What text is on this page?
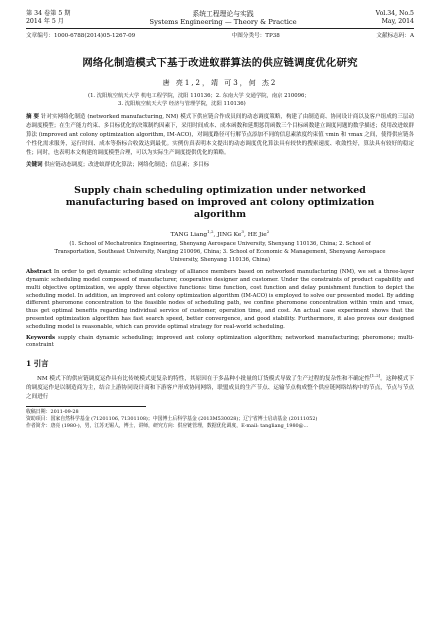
第 34 卷第 5 期
2014 年 5 月
系统工程理论与实践
Systems Engineering — Theory & Practice
Vol.34, No.5
May, 2014
文章编号：1000-6788(2014)05-1267-09	中图分类号：TP38	文献标志码：A
网络化制造模式下基于改进蚁群算法的供应链调度优化研究
唐 亮1,2，靖 可3，何 杰2
(1. 沈阳航空航天大学 机电工程学院，沈阳 110136；2. 东南大学 交通学院，南京 210096；
3. 沈阳航空航天大学 经济与管理学院，沈阳 110136)
摘 要 针对实网络化制造 (networked manufacturing, NM) 模式下供应链合作成员间的动态调度策略，构建了由制造商、协同设计商以及客户组成的三层动态调度模型；在生产能力约束、多目标优化的决策制约因素下，采用时间成本、成本函数和延期惩罚函数三个目标函数建立调度问题的数学描述；使用改进蚁群算法 (improved ant colony optimization algorithm, IM-ACO)，对调度路径可行解节点添加不同的信息素浓度约束值 τmin 和 τmax 之间，使得供应链各个性化需求服务，运行时间、成本等指标合收敛达到最优。实例仿真表明本文提出的动态调度优化算法具有较快的搜索速度、收敛性好，算法具有较好的稳定性；同时，也表明本文构建的调度模型合理，可以为实际生产调度提供优化的策略。
关键词 供应链动态调度；改进蚁群优化算法；网络化制造；信息素；多目标
Supply chain scheduling optimization under networked manufacturing based on improved ant colony optimization algorithm
TANG Liang$^{1,2}$, JING Ke$^3$, HE Jie$^2$
(1. School of Mechatronics Engineering, Shenyang Aerospace University, Shenyang 110136, China; 2. School of Transportation, Southeast University, Nanjing 210096, China; 3. School of Economic & Management, Shenyang Aerospace University, Shenyang 110136, China)
Abstract In order to get dynamic scheduling strategy of alliance members based on networked manufacturing (NM), we set a three-layer dynamic scheduling model composed of manufacturer, cooperative designer and customer. Under the constraints of product capability and multi objective optimization, we apply three objective functions: time function, cost function and delay punishment function to depict the scheduling model. In addition, an improved ant colony optimization algorithm (IM-ACO) is employed to solve our presented model. By adding different pheromone concentration to the feasible nodes of scheduling path, we confine pheromone concentration within τmin and τmax, thus get optimal benefits regarding individual service of customer, operation time, and cost. An actual case experiment shows that the presented optimization algorithm has fast search speed, better convergence, and good stability. Furthermore, it also proves our designed scheduling model is reasonable, which can provide optimal strategy for real-world scheduling.
Keywords supply chain dynamic scheduling; improved ant colony optimization algorithm; networked manufacturing; pheromone; multi-constraint
1 引言
NM 模式下的供应链调度运作具有比传统模式更复杂的特性，其原因在于多品种小批量的订货模式导致了生产过程的复杂性和不确定性[1–2]。这种模式下的调度运作是以制造商为主，结合上游协同设计商和下游客户形成协同网络，联盟成员的生产节点、运输节点构成整个供应链网络结构中的节点，节点与节点之间进行
收稿日期：2011-09-28
资助项目：国家自然科学基金 (71201106, 71301108)；中国博士后科学基金 (2013M530028)；辽宁省博士启动基金 (20111052)
作者简介：唐亮 (1980-)，男，江苏无锡人，博士，讲师，研究方向：供应链管理，数据优化调度，E-mail: tangliang_1980@...
